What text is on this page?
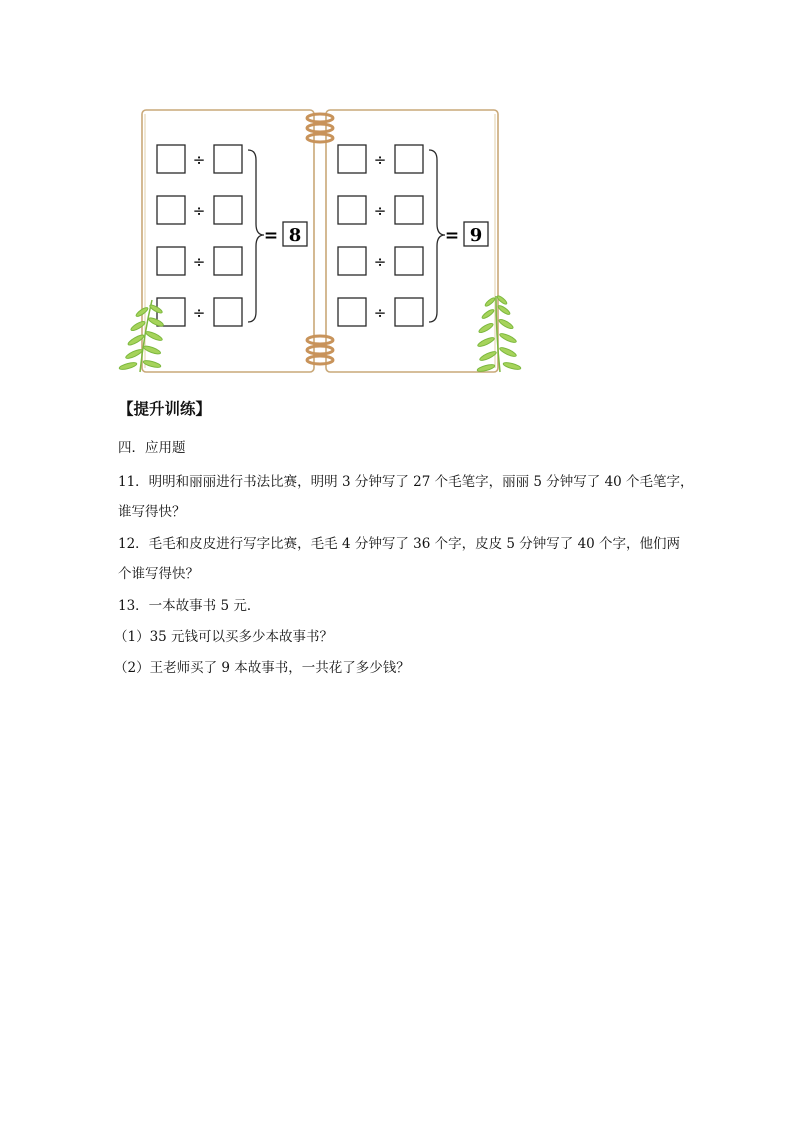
÷
÷
÷
÷
= 8
÷
÷
÷
÷
= 9
【提升训练】
四．应用题
11．明明和丽丽进行书法比赛，明明 3 分钟写了 27 个毛笔字，丽丽 5 分钟写了 40 个毛笔字，
谁写得快？
12．毛毛和皮皮进行写字比赛，毛毛 4 分钟写了 36 个字，皮皮 5 分钟写了 40 个字，他们两
个谁写得快？
13．一本故事书 5 元．
（1）35 元钱可以买多少本故事书？
（2）王老师买了 9 本故事书，一共花了多少钱？
